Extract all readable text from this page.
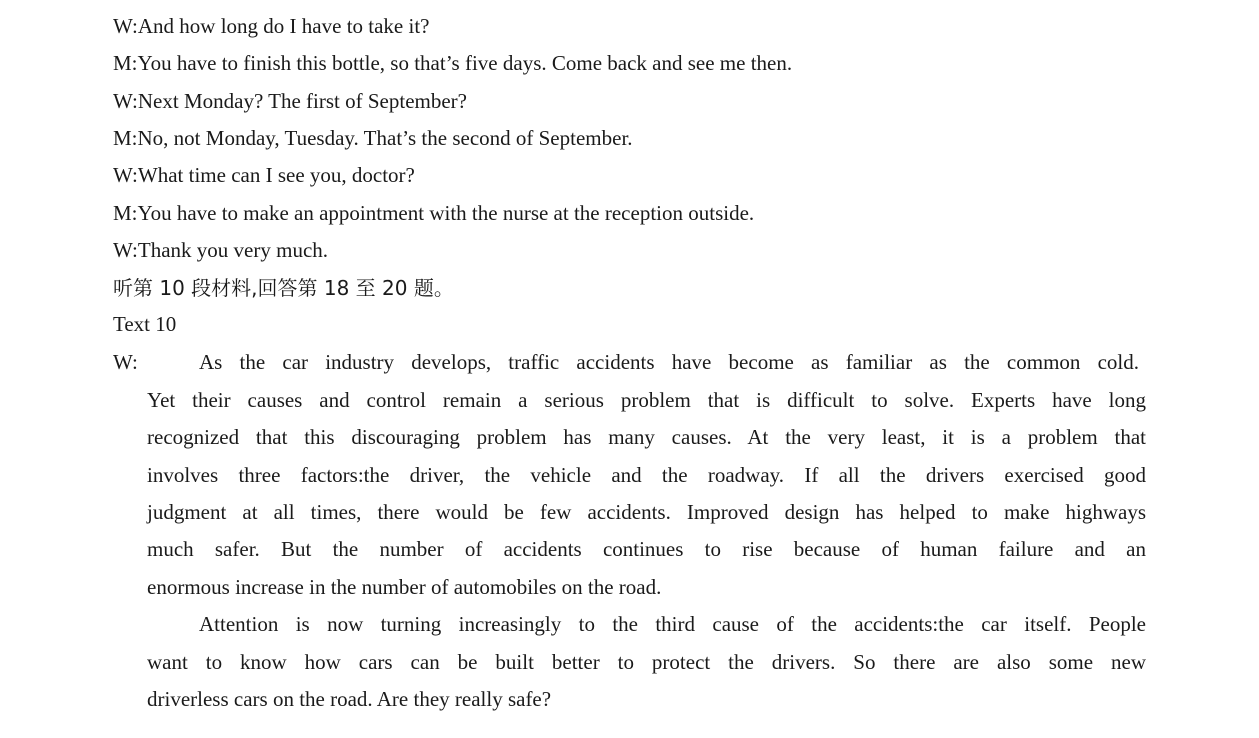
W:And how long do I have to take it?
M:You have to finish this bottle, so that’s five days. Come back and see me then.
W:Next Monday? The first of September?
M:No, not Monday, Tuesday. That’s the second of September.
W:What time can I see you, doctor?
M:You have to make an appointment with the nurse at the reception outside.
W:Thank you very much.
听第 10 段材料,回答第 18 至 20 题。
Text 10
W:	As the car industry develops, traffic accidents have become as familiar as the common cold.
Yet their causes and control remain a serious problem that is difficult to solve. Experts have long
recognized that this discouraging problem has many causes. At the very least, it is a problem that
involves three factors:the driver, the vehicle and the roadway. If all the drivers exercised good
judgment at all times, there would be few accidents. Improved design has helped to make highways
much safer. But the number of accidents continues to rise because of human failure and an
enormous increase in the number of automobiles on the road.
Attention is now turning increasingly to the third cause of the accidents:the car itself. People
want to know how cars can be built better to protect the drivers. So there are also some new
driverless cars on the road. Are they really safe?
